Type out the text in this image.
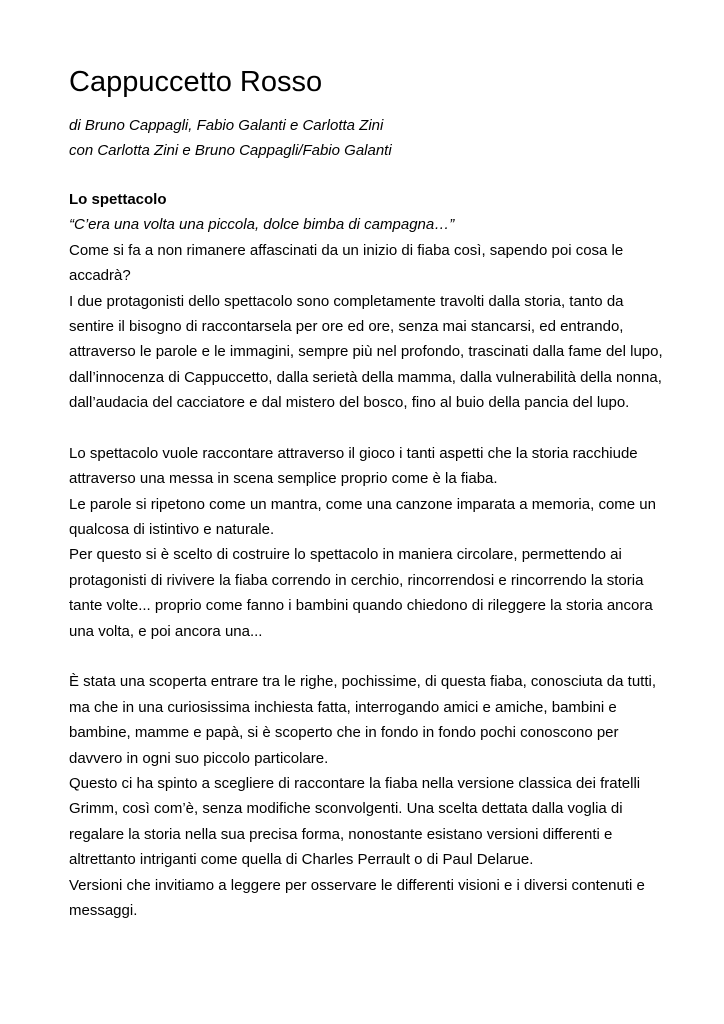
Cappuccetto Rosso
di Bruno Cappagli, Fabio Galanti e Carlotta Zini
con Carlotta Zini e Bruno Cappagli/Fabio Galanti
Lo spettacolo
“C’era una volta una piccola, dolce bimba di campagna…”
Come si fa a non rimanere affascinati da un inizio di fiaba così, sapendo poi cosa le
accadrà?
I due protagonisti dello spettacolo sono completamente travolti dalla storia, tanto da
sentire il bisogno di raccontarsela per ore ed ore, senza mai stancarsi, ed entrando,
attraverso le parole e le immagini, sempre più nel profondo, trascinati dalla fame del lupo,
dall’innocenza di Cappuccetto, dalla serietà della mamma, dalla vulnerabilità della nonna,
dall’audacia del cacciatore e dal mistero del bosco, fino al buio della pancia del lupo.
Lo spettacolo vuole raccontare attraverso il gioco i tanti aspetti che la storia racchiude
attraverso una messa in scena semplice proprio come è la fiaba.
Le parole si ripetono come un mantra, come una canzone imparata a memoria, come un
qualcosa di istintivo e naturale.
Per questo si è scelto di costruire lo spettacolo in maniera circolare, permettendo ai
protagonisti di rivivere la fiaba correndo in cerchio, rincorrendosi e rincorrendo la storia
tante volte... proprio come fanno i bambini quando chiedono di rileggere la storia ancora
una volta, e poi ancora una...
È stata una scoperta entrare tra le righe, pochissime, di questa fiaba, conosciuta da tutti,
ma che in una curiosissima inchiesta fatta, interrogando amici e amiche, bambini e
bambine, mamme e papà, si è scoperto che in fondo in fondo pochi conoscono per
davvero in ogni suo piccolo particolare.
Questo ci ha spinto a scegliere di raccontare la fiaba nella versione classica dei fratelli
Grimm, così com’è, senza modifiche sconvolgenti. Una scelta dettata dalla voglia di
regalare la storia nella sua precisa forma, nonostante esistano versioni differenti e
altrettanto intriganti come quella di Charles Perrault o di Paul Delarue.
Versioni che invitiamo a leggere per osservare le differenti visioni e i diversi contenuti e
messaggi.
